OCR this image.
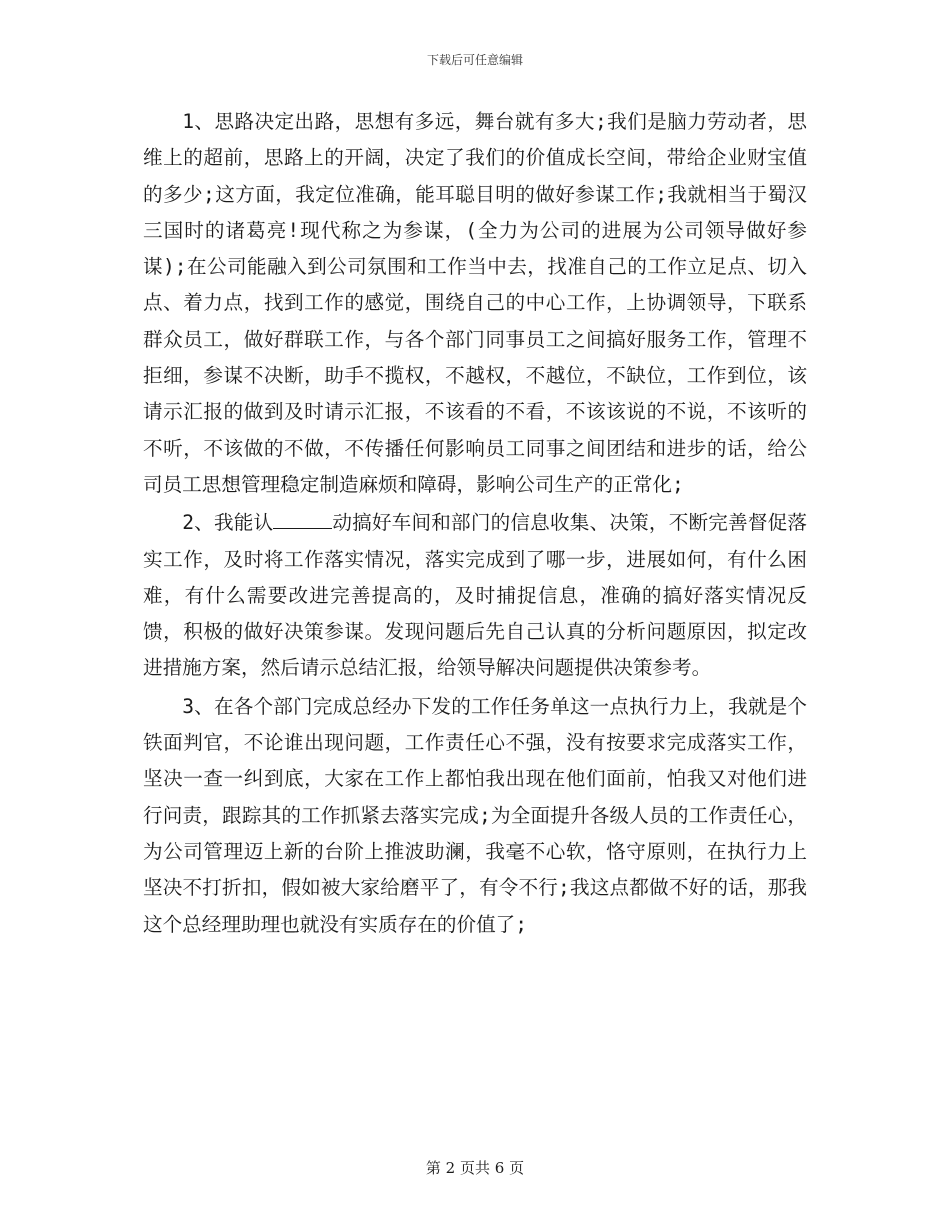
下载后可任意编辑

1、思路决定出路，思想有多远，舞台就有多大;我们是脑力劳动者，思维上的超前，思路上的开阔，决定了我们的价值成长空间，带给企业财宝值的多少;这方面，我定位准确，能耳聪目明的做好参谋工作;我就相当于蜀汉三国时的诸葛亮!现代称之为参谋，(全力为公司的进展为公司领导做好参谋);在公司能融入到公司氛围和工作当中去，找准自己的工作立足点、切入点、着力点，找到工作的感觉，围绕自己的中心工作，上协调领导，下联系群众员工，做好群联工作，与各个部门同事员工之间搞好服务工作，管理不拒细，参谋不决断，助手不揽权，不越权，不越位，不缺位，工作到位，该请示汇报的做到及时请示汇报，不该看的不看，不该该说的不说，不该听的不听，不该做的不做，不传播任何影响员工同事之间团结和进步的话，给公司员工思想管理稳定制造麻烦和障碍，影响公司生产的正常化;

2、我能认	动搞好车间和部门的信息收集、决策，不断完善督促落实工作，及时将工作落实情况，落实完成到了哪一步，进展如何，有什么困难，有什么需要改进完善提高的，及时捕捉信息，准确的搞好落实情况反馈，积极的做好决策参谋。发现问题后先自己认真的分析问题原因，拟定改进措施方案，然后请示总结汇报，给领导解决问题提供决策参考。

3、在各个部门完成总经办下发的工作任务单这一点执行力上，我就是个铁面判官，不论谁出现问题，工作责任心不强，没有按要求完成落实工作，坚决一查一纠到底，大家在工作上都怕我出现在他们面前，怕我又对他们进行问责，跟踪其的工作抓紧去落实完成;为全面提升各级人员的工作责任心，为公司管理迈上新的台阶上推波助澜，我毫不心软，恪守原则，在执行力上坚决不打折扣，假如被大家给磨平了，有令不行;我这点都做不好的话，那我这个总经理助理也就没有实质存在的价值了;

第 2 页共 6 页
